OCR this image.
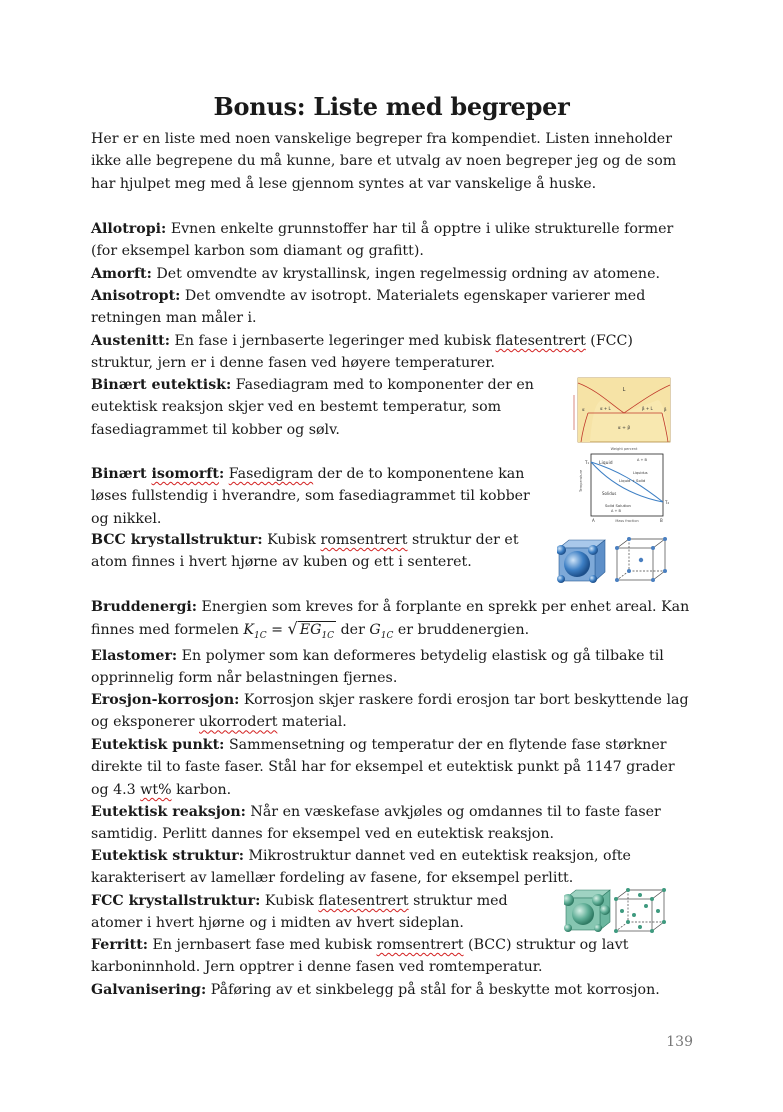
Bonus: Liste med begreper

Her er en liste med noen vanskelige begreper fra kompendiet. Listen inneholder ikke alle begrepene du må kunne, bare et utvalg av noen begreper jeg og de som har hjulpet meg med å lese gjennom syntes at var vanskelige å huske.

Allotropi: Evnen enkelte grunnstoffer har til å opptre i ulike strukturelle former (for eksempel karbon som diamant og grafitt).

Amorft: Det omvendte av krystallinsk, ingen regelmessig ordning av atomene.

Anisotropt: Det omvendte av isotropt. Materialets egenskaper varierer med retningen man måler i.

Austenitt: En fase i jernbaserte legeringer med kubisk flatesentrert (FCC) struktur, jern er i denne fasen ved høyere temperaturer.

Binært eutektisk: Fasediagram med to komponenter der en eutektisk reaksjon skjer ved en bestemt temperatur, som fasediagrammet til kobber og sølv.

Binært isomorft: Fasedigram der de to komponentene kan løses fullstendig i hverandre, som fasediagrammet til kobber og nikkel.

BCC krystallstruktur: Kubisk romsentrert struktur der et atom finnes i hvert hjørne av kuben og ett i senteret.

Bruddenergi: Energien som kreves for å forplante en sprekk per enhet areal. Kan finnes med formelen $K_{1C}$ = √ $EG_{1C}$ der $G_{1C}$ er bruddenergien.

Elastomer: En polymer som kan deformeres betydelig elastisk og gå tilbake til opprinnelig form når belastningen fjernes.

Erosjon-korrosjon: Korrosjon skjer raskere fordi erosjon tar bort beskyttende lag og eksponerer ukorrodert material.

Eutektisk punkt: Sammensetning og temperatur der en flytende fase størkner direkte til to faste faser. Stål har for eksempel et eutektisk punkt på 1147 grader og 4.3 wt% karbon.

Eutektisk reaksjon: Når en væskefase avkjøles og omdannes til to faste faser samtidig. Perlitt dannes for eksempel ved en eutektisk reaksjon.

Eutektisk struktur: Mikrostruktur dannet ved en eutektisk reaksjon, ofte karakterisert av lamellær fordeling av fasene, for eksempel perlitt.

FCC krystallstruktur: Kubisk flatesentrert struktur med atomer i hvert hjørne og i midten av hvert sideplan.

Ferritt: En jernbasert fase med kubisk romsentrert (BCC) struktur og lavt karboninnhold. Jern opptrer i denne fasen ved romtemperatur.

Galvanisering: Påføring av et sinkbelegg på stål for å beskytte mot korrosjon.

L
α	β
α + L	β + L
α + β
Weight percent
Liquid
A + B
Liquid + Solid
Solidus
Liquidus
Solid Solution
A + B
T₁
T₂
Temperature
A	B
Mass fraction
139
